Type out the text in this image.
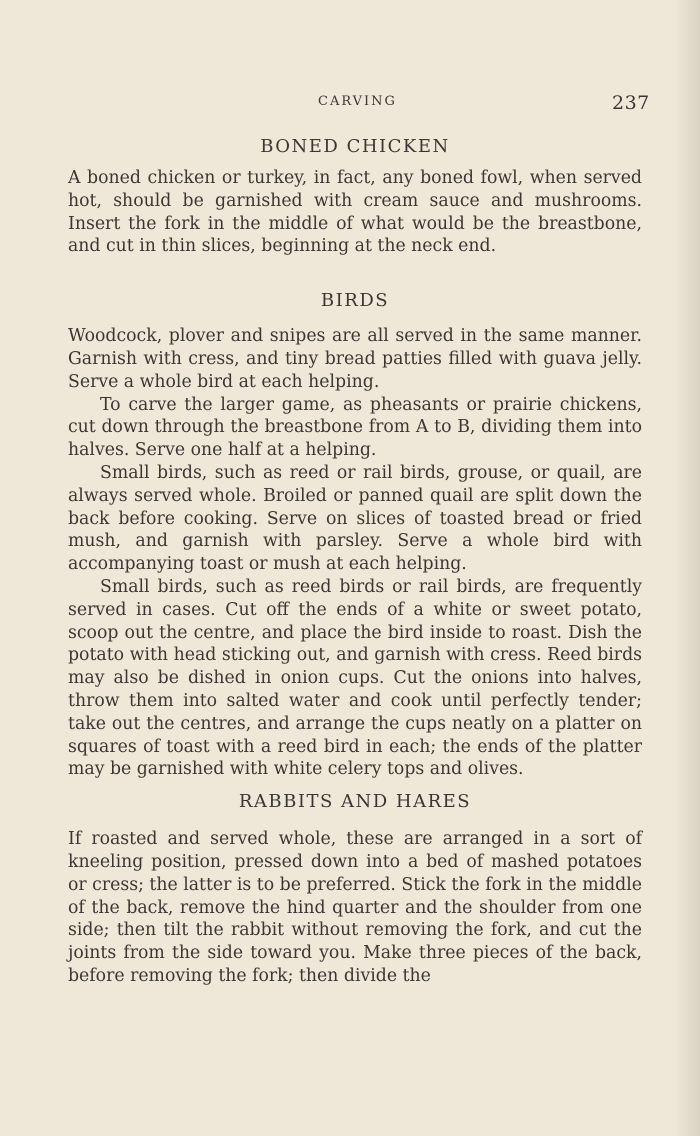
CARVING	237
BONED CHICKEN

A boned chicken or turkey, in fact, any boned fowl, when served hot, should be garnished with cream sauce and mushrooms. Insert the fork in the middle of what would be the breastbone, and cut in thin slices, beginning at the neck end.

BIRDS

Woodcock, plover and snipes are all served in the same manner. Garnish with cress, and tiny bread patties filled with guava jelly. Serve a whole bird at each helping.

To carve the larger game, as pheasants or prairie chickens, cut down through the breastbone from A to B, dividing them into halves. Serve one half at a helping.

Small birds, such as reed or rail birds, grouse, or quail, are always served whole. Broiled or panned quail are split down the back before cooking. Serve on slices of toasted bread or fried mush, and garnish with parsley. Serve a whole bird with accompanying toast or mush at each helping.

Small birds, such as reed birds or rail birds, are frequently served in cases. Cut off the ends of a white or sweet potato, scoop out the centre, and place the bird inside to roast. Dish the potato with head sticking out, and garnish with cress. Reed birds may also be dished in onion cups. Cut the onions into halves, throw them into salted water and cook until perfectly tender; take out the centres, and arrange the cups neatly on a platter on squares of toast with a reed bird in each; the ends of the platter may be garnished with white celery tops and olives.

RABBITS AND HARES

If roasted and served whole, these are arranged in a sort of kneeling position, pressed down into a bed of mashed potatoes or cress; the latter is to be preferred. Stick the fork in the middle of the back, remove the hind quarter and the shoulder from one side; then tilt the rabbit without removing the fork, and cut the joints from the side toward you. Make three pieces of the back, before removing the fork; then divide the
